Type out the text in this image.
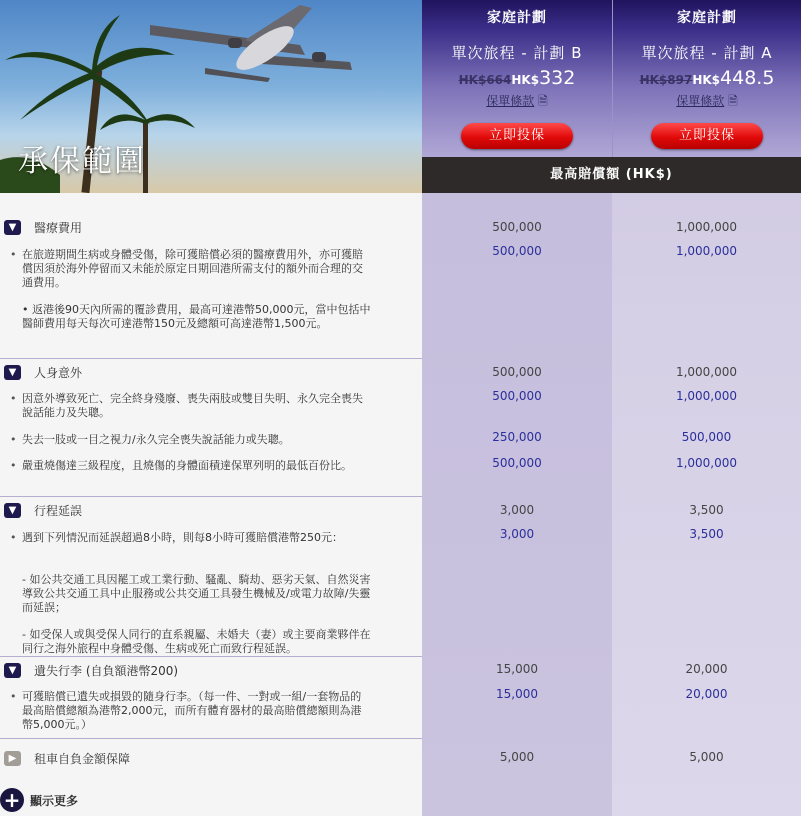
承保範圍
家庭計劃
單次旅程 - 計劃 B
HK$664HK$332
保單條款 🗎
立即投保
家庭計劃
單次旅程 - 計劃 A
HK$897HK$448.5
保單條款 🗎
立即投保
最高賠償額 (HK$)
▼	醫療費用	500,000	1,000,000
• 在旅遊期間生病或身體受傷，除可獲賠償必須的醫療費用外，亦可獲賠償因須於海外停留而又未能於原定日期回港所需支付的額外而合理的交通費用。
500,000	1,000,000
• 返港後90天內所需的覆診費用，最高可達港幣50,000元，當中包括中醫師費用每天每次可達港幣150元及總額可高達港幣1,500元。
▼	人身意外	500,000	1,000,000
• 因意外導致死亡、完全終身殘廢、喪失兩肢或雙目失明、永久完全喪失說話能力及失聰。
500,000	1,000,000
• 失去一肢或一目之視力/永久完全喪失說話能力或失聰。	250,000	500,000
• 嚴重燒傷達三級程度，且燒傷的身體面積達保單列明的最低百份比。	500,000	1,000,000
▼	行程延誤	3,000	3,500
• 遇到下列情況而延誤超過8小時，則每8小時可獲賠償港幣250元：	3,000	3,500
- 如公共交通工具因罷工或工業行動、騷亂、騎劫、惡劣天氣、自然災害導致公共交通工具中止服務或公共交通工具發生機械及/或電力故障/失靈而延誤；
- 如受保人或與受保人同行的直系親屬、未婚夫（妻）或主要商業夥伴在同行之海外旅程中身體受傷、生病或死亡而致行程延誤。
▼	遺失行李 (自負額港幣200)	15,000	20,000
• 可獲賠償已遺失或損毀的隨身行李。（每一件、一對或一組/一套物品的最高賠償總額為港幣2,000元，而所有體育器材的最高賠償總額則為港幣5,000元。）
15,000	20,000
▶	租車自負金額保障	5,000	5,000
+ 顯示更多
